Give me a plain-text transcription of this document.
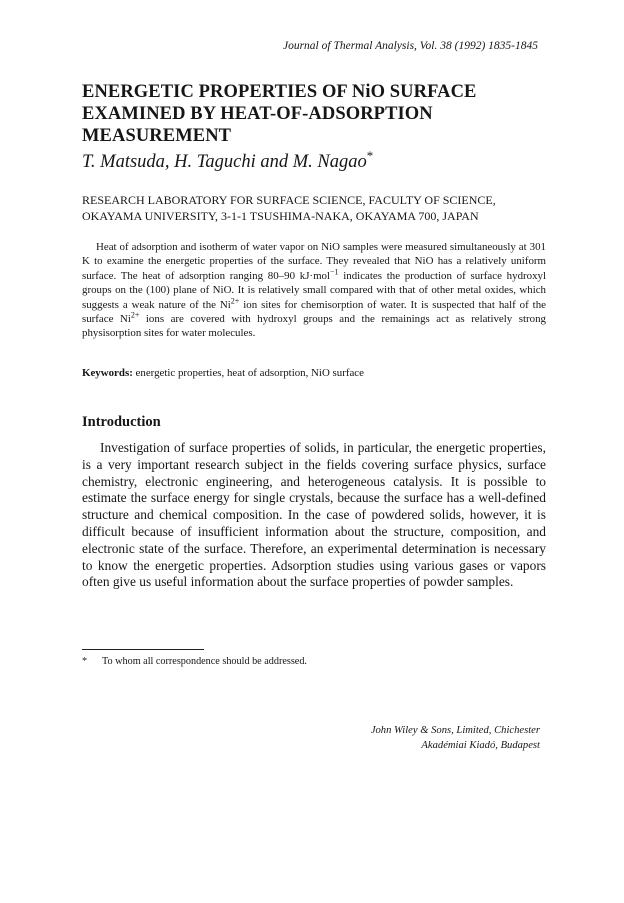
Journal of Thermal Analysis, Vol. 38 (1992) 1835-1845
ENERGETIC PROPERTIES OF NiO SURFACE EXAMINED BY HEAT-OF-ADSORPTION MEASUREMENT

T. Matsuda, H. Taguchi and M. Nagao*

RESEARCH LABORATORY FOR SURFACE SCIENCE, FACULTY OF SCIENCE,
OKAYAMA UNIVERSITY, 3-1-1 TSUSHIMA-NAKA, OKAYAMA 700, JAPAN

Heat of adsorption and isotherm of water vapor on NiO samples were measured simultaneously at 301 K to examine the energetic properties of the surface. They revealed that NiO has a relatively uniform surface. The heat of adsorption ranging 80–90 kJ·mol$^{-1}$ indicates the production of surface hydroxyl groups on the (100) plane of NiO. It is relatively small compared with that of other metal oxides, which suggests a weak nature of the $Ni^{2+}$ ion sites for chemisorption of water. It is suspected that half of the surface $Ni^{2+}$ ions are covered with hydroxyl groups and the remainings act as relatively strong physisorption sites for water molecules.

Keywords: energetic properties, heat of adsorption, NiO surface

Introduction

Investigation of surface properties of solids, in particular, the energetic properties, is a very important research subject in the fields covering surface physics, surface chemistry, electronic engineering, and heterogeneous catalysis. It is possible to estimate the surface energy for single crystals, because the surface has a well-defined structure and chemical composition. In the case of powdered solids, however, it is difficult because of insufficient information about the structure, composition, and electronic state of the surface. Therefore, an experimental determination is necessary to know the energetic properties. Adsorption studies using various gases or vapors often give us useful information about the surface properties of powder samples.

* To whom all correspondence should be addressed.

John Wiley & Sons, Limited, Chichester
Akadémiai Kiadó, Budapest
